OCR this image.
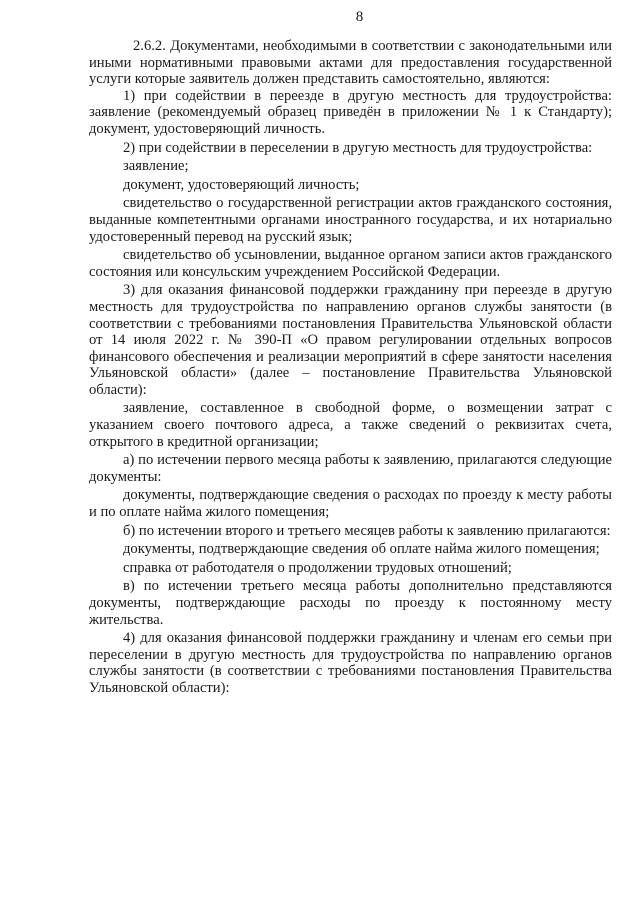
8

2.6.2. Документами, необходимыми в соответствии с законодательными или иными нормативными правовыми актами для предоставления государственной услуги которые заявитель должен представить самостоятельно, являются:

1) при содействии в переезде в другую местность для трудоустройства: заявление (рекомендуемый образец приведён в приложении № 1 к Стандарту); документ, удостоверяющий личность.

2) при содействии в переселении в другую местность для трудоустройства:

заявление;

документ, удостоверяющий личность;

свидетельство о государственной регистрации актов гражданского состояния, выданные компетентными органами иностранного государства, и их нотариально удостоверенный перевод на русский язык;

свидетельство об усыновлении, выданное органом записи актов гражданского состояния или консульским учреждением Российской Федерации.

3) для оказания финансовой поддержки гражданину при переезде в другую местность для трудоустройства по направлению органов службы занятости (в соответствии с требованиями постановления Правительства Ульяновской области от 14 июля 2022 г. № 390-П «О правом регулировании отдельных вопросов финансового обеспечения и реализации мероприятий в сфере занятости населения Ульяновской области» (далее – постановление Правительства Ульяновской области):

заявление, составленное в свободной форме, о возмещении затрат с указанием своего почтового адреса, а также сведений о реквизитах счета, открытого в кредитной организации;

а) по истечении первого месяца работы к заявлению, прилагаются следующие документы:

документы, подтверждающие сведения о расходах по проезду к месту работы и по оплате найма жилого помещения;

б) по истечении второго и третьего месяцев работы к заявлению прилагаются:

документы, подтверждающие сведения об оплате найма жилого помещения;

справка от работодателя о продолжении трудовых отношений;

в) по истечении третьего месяца работы дополнительно представляются документы, подтверждающие расходы по проезду к постоянному месту жительства.

4) для оказания финансовой поддержки гражданину и членам его семьи при переселении в другую местность для трудоустройства по направлению органов службы занятости (в соответствии с требованиями постановления Правительства Ульяновской области):
